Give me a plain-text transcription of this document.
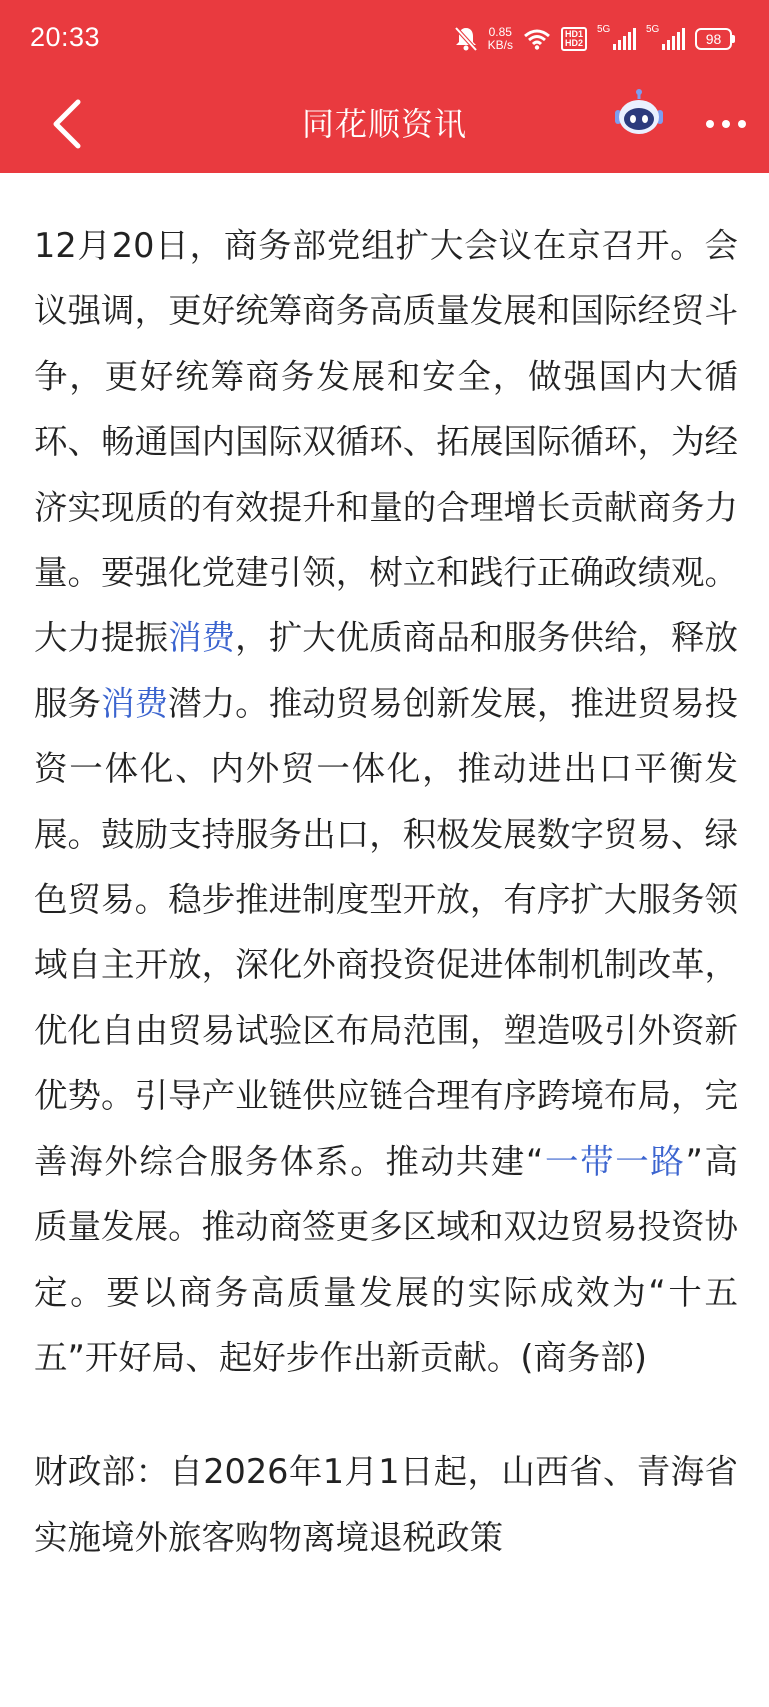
20:33	0.85
KB/s
HD1
HD2
5G	5G
98
同花顺资讯

12月20日，商务部党组扩大会议在京召开。会议强调，更好统筹商务高质量发展和国际经贸斗争，更好统筹商务发展和安全，做强国内大循环、畅通国内国际双循环、拓展国际循环，为经济实现质的有效提升和量的合理增长贡献商务力量。要强化党建引领，树立和践行正确政绩观。大力提振消费，扩大优质商品和服务供给，释放服务消费潜力。推动贸易创新发展，推进贸易投资一体化、内外贸一体化，推动进出口平衡发展。鼓励支持服务出口，积极发展数字贸易、绿色贸易。稳步推进制度型开放，有序扩大服务领域自主开放，深化外商投资促进体制机制改革，优化自由贸易试验区布局范围，塑造吸引外资新优势。引导产业链供应链合理有序跨境布局，完善海外综合服务体系。推动共建“一带一路”高质量发展。推动商签更多区域和双边贸易投资协定。要以商务高质量发展的实际成效为“十五五”开好局、起好步作出新贡献。(商务部)

财政部：自2026年1月1日起，山西省、青海省实施境外旅客购物离境退税政策
